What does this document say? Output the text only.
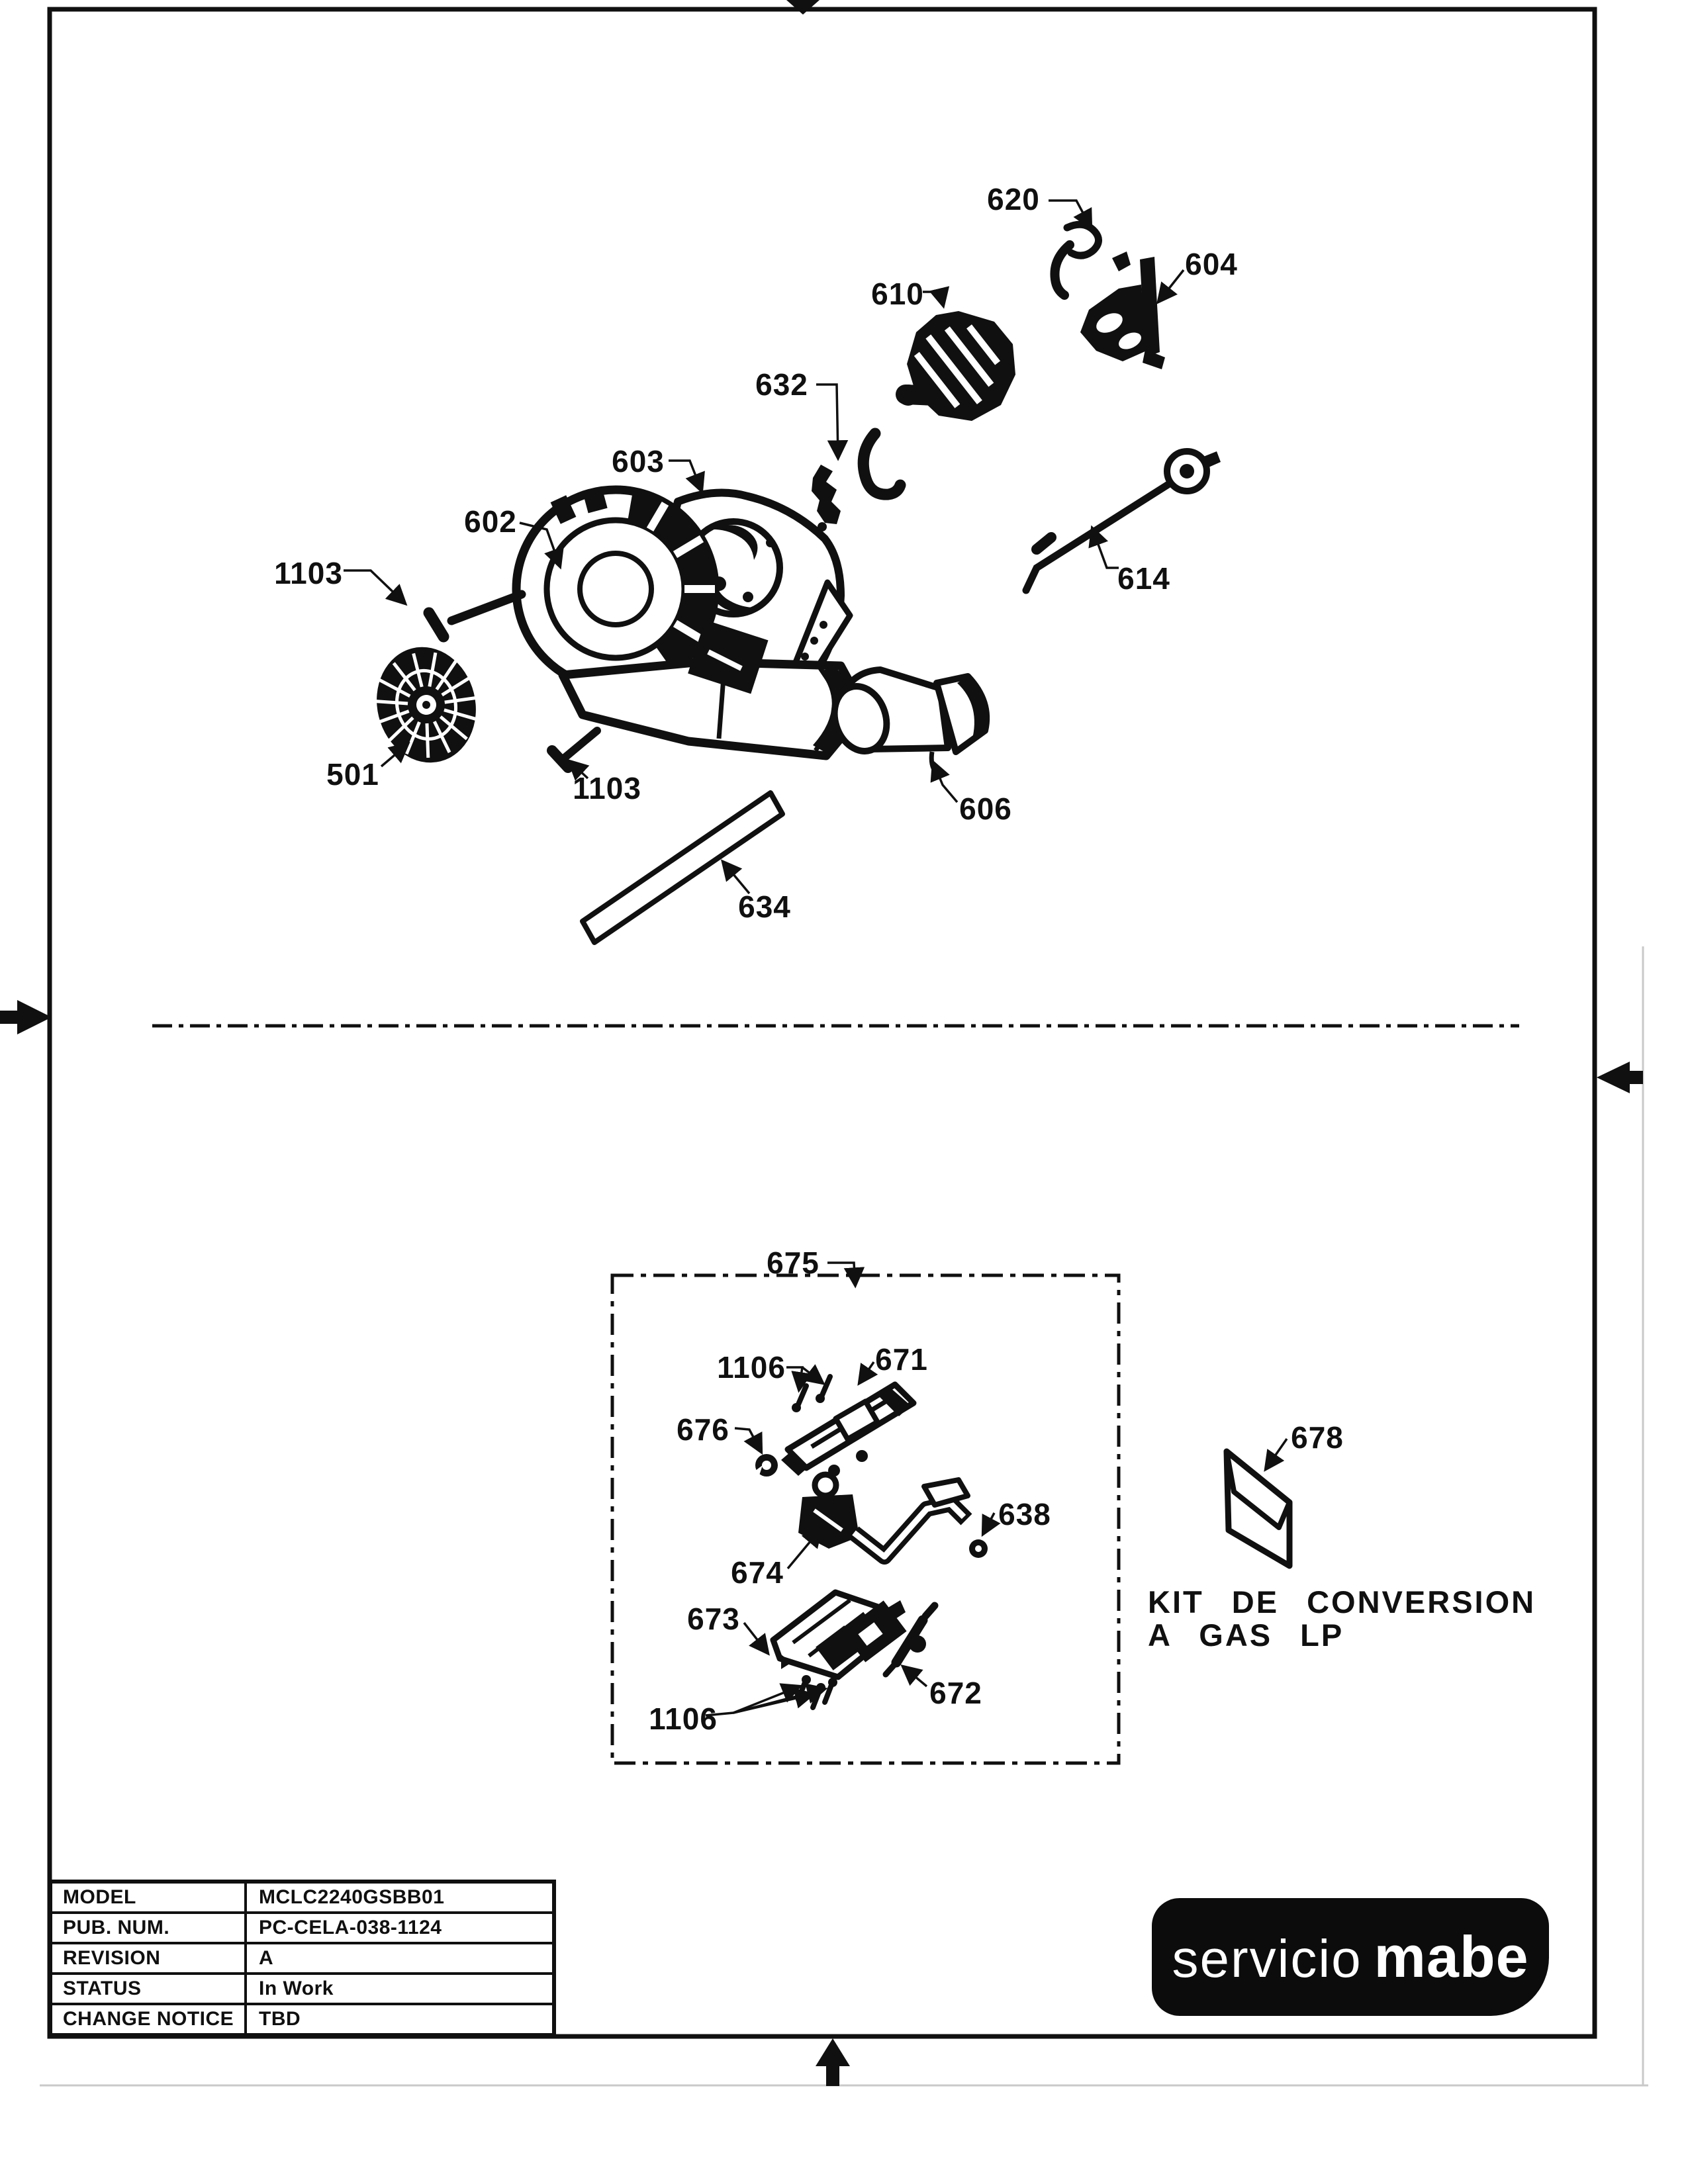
620
604
610
632
603
602
1103	614
501	1103
606
634
675
1106	671
676	678
638
674
673
672
1106
KIT DE CONVERSION
A GAS LP
MODEL	MCLC2240GSBB01
PUB. NUM.	PC-CELA-038-1124
REVISION	A
STATUS	In Work
CHANGE NOTICE	TBD
servicio mabe
